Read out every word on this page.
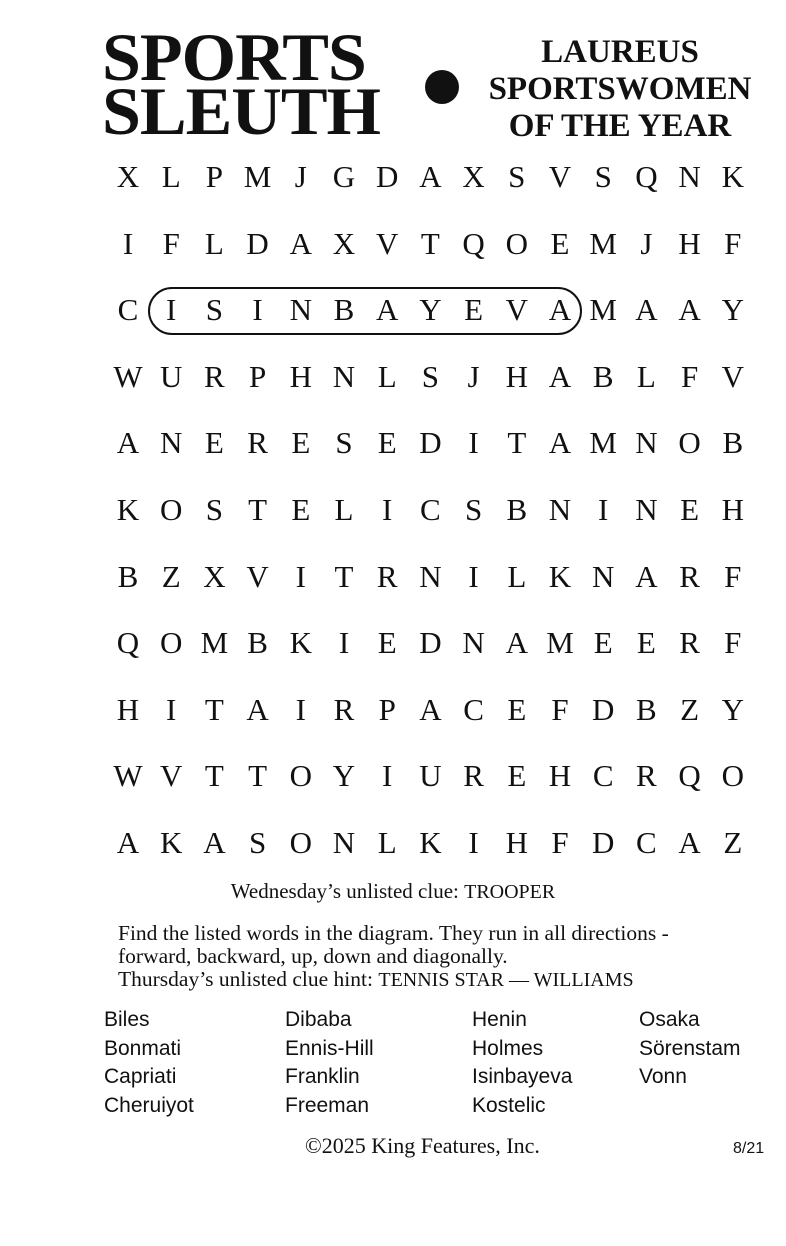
SPORTS
SLEUTH
LAUREUS
SPORTSWOMEN
OF THE YEAR
X L P M J G D A X S V S Q N K
I F L D A X V T Q O E M J H F
C I S I N B A Y E V A M A A Y
W U R P H N L S J H A B L F V
A N E R E S E D I T A M N O B
K O S T E L I C S B N I N E H
B Z X V I T R N I L K N A R F
Q O M B K I E D N A M E E R F
H I T A I R P A C E F D B Z Y
W V T T O Y I U R E H C R Q O
A K A S O N L K I H F D C A Z
Wednesday’s unlisted clue: TROOPER
Find the listed words in the diagram. They run in all directions -
forward, backward, up, down and diagonally.
Thursday’s unlisted clue hint: TENNIS STAR — WILLIAMS
Biles
Bonmati
Capriati
Cheruiyot
Dibaba
Ennis-Hill
Franklin
Freeman
Henin
Holmes
Isinbayeva
Kostelic
Osaka
Sörenstam
Vonn
©2025 King Features, Inc.	8/21
